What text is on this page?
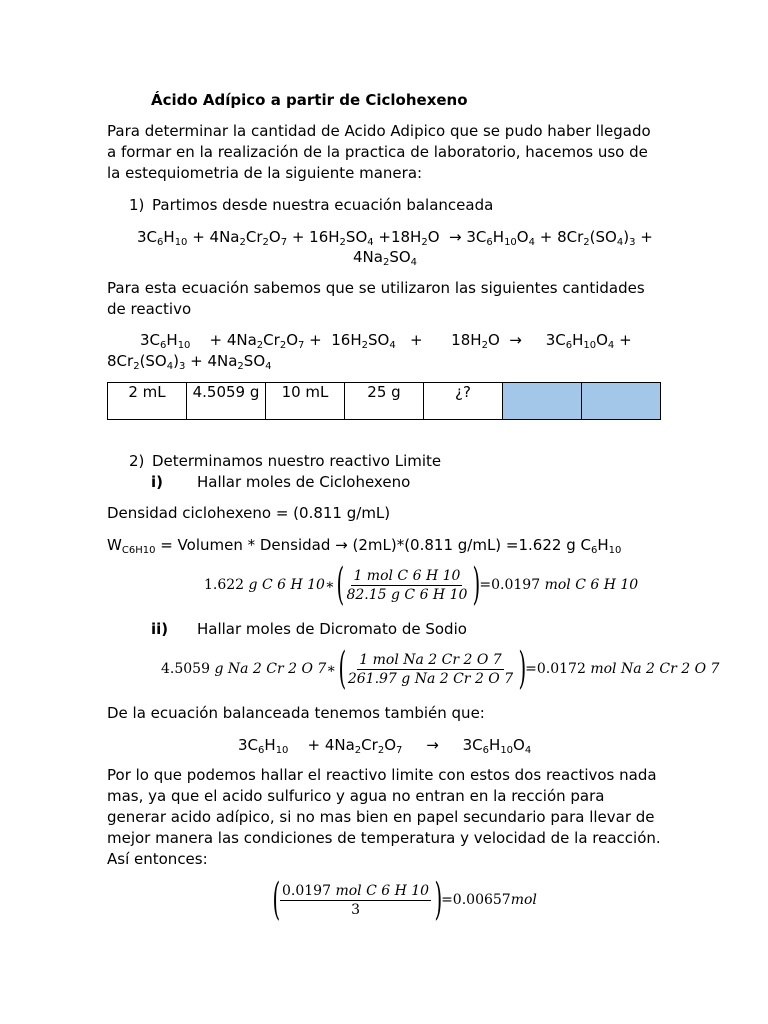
Ácido Adípico a partir de Ciclohexeno
Para determinar la cantidad de Acido Adipico que se pudo haber llegado a formar en la realización de la practica de laboratorio, hacemos uso de la estequiometria de la siguiente manera:
1) Partimos desde nuestra ecuación balanceada
$3C_6H_{10} + 4Na_2Cr_2O_7 + 16H_2SO_4 +18H_2O \to 3C_6H_{10}O_4 + 8Cr_2(SO_4)_3$ +
$4Na_2SO_4$
Para esta ecuación sabemos que se utilizaron las siguientes cantidades de reactivo
$3C_6H_{10}$    + $4Na_2Cr_2O_7 + 16H_2SO_4$   +      $18H_2O$  →     $3C_6H_{10}O_4$ +
$8Cr_2(SO_4)_3 + 4Na_2SO_4$
2 mL	4.5059 g	10 mL	25 g	¿?		
2) Determinamos nuestro reactivo Limite
i) Hallar moles de Ciclohexeno
Densidad ciclohexeno = (0.811 g/mL)
$W_{C6H10}$ = Volumen * Densidad → (2mL)*(0.811 g/mL) =1.622 g $C_6H_{10}$
1.622
g C 6 H 10∗ ( $\frac{\text{1 mol C 6 H 10}}{\text{82.15 g C 6 H 10}}$ )
=0.0197
mol C 6 H 10
ii) Hallar moles de Dicromato de Sodio
4.5059
g Na 2 Cr 2 O 7∗ ( $\frac{\text{1 mol Na 2 Cr 2 O 7}}{\text{261.97 g Na 2 Cr 2 O 7}}$ )
=0.0172
mol Na 2 Cr 2 O 7
De la ecuación balanceada tenemos también que:
$3C_6H_{10}$    + $4Na_2Cr_2O_7$     →     $3C_6H_{10}O_4$
Por lo que podemos hallar el reactivo limite con estos dos reactivos nada mas, ya que el acido sulfurico y agua no entran en la rección para generar acido adípico, si no mas bien en papel secundario para llevar de mejor manera las condiciones de temperatura y velocidad de la reacción. Así entonces:
( $\frac{\text{0.0197 mol C 6 H 10}}{3}$ )
=0.00657 mol
